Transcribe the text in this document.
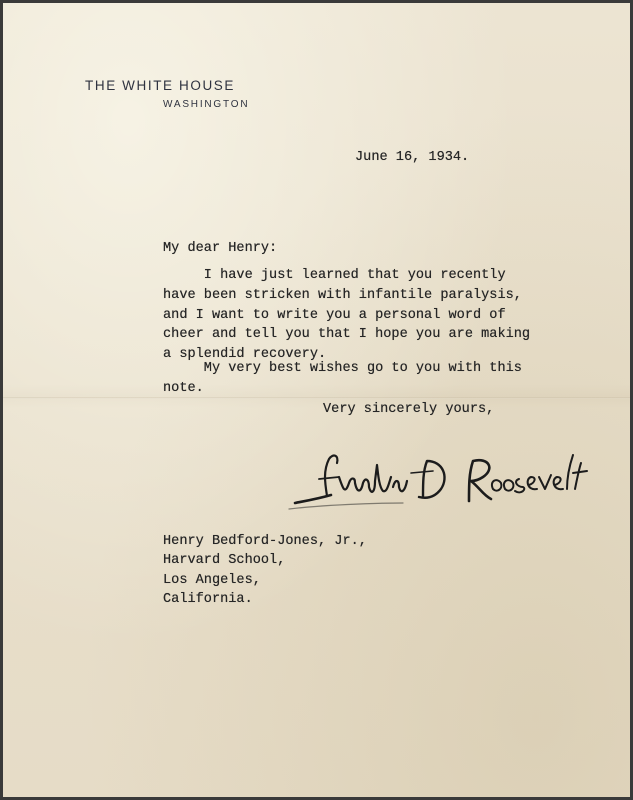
THE WHITE HOUSE
WASHINGTON
June 16, 1934.
My dear Henry:
I have just learned that you recently
have been stricken with infantile paralysis,
and I want to write you a personal word of
cheer and tell you that I hope you are making
a splendid recovery.
My very best wishes go to you with this
note.
Very sincerely yours,
Henry Bedford-Jones, Jr.,
Harvard School,
Los Angeles,
California.
